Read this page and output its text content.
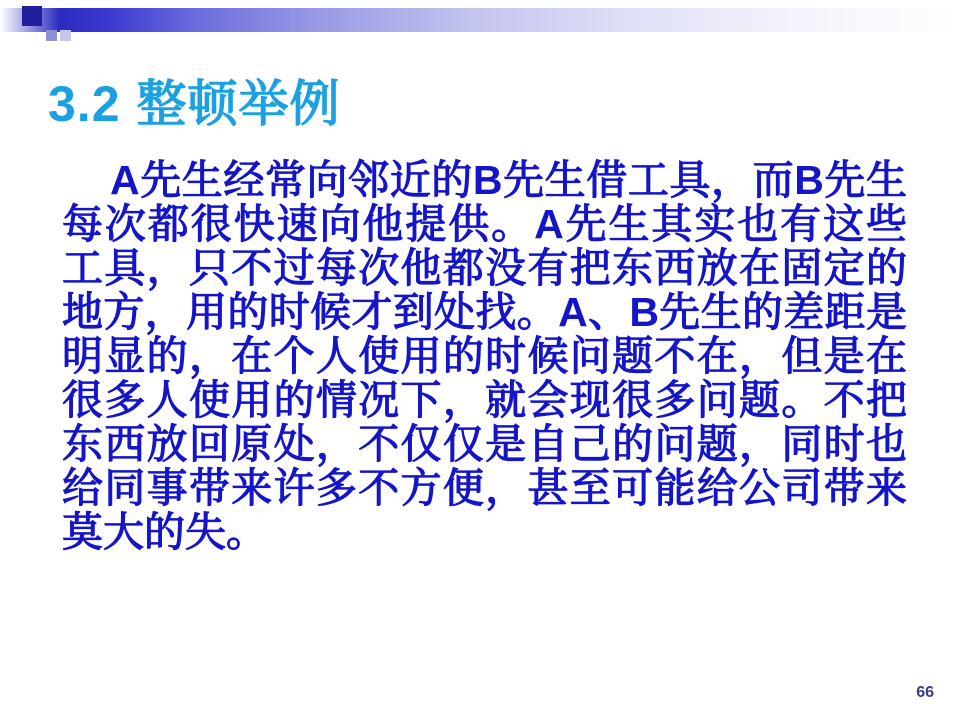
3.2 整顿举例

A先生经常向邻近的B先生借工具，而B先生每次都很快速向他提供。A先生其实也有这些工具，只不过每次他都没有把东西放在固定的地方，用的时候才到处找。A、B先生的差距是明显的，在个人使用的时候问题不在，但是在很多人使用的情况下，就会现很多问题。不把东西放回原处，不仅仅是自己的问题，同时也给同事带来许多不方便，甚至可能给公司带来莫大的失。

66
